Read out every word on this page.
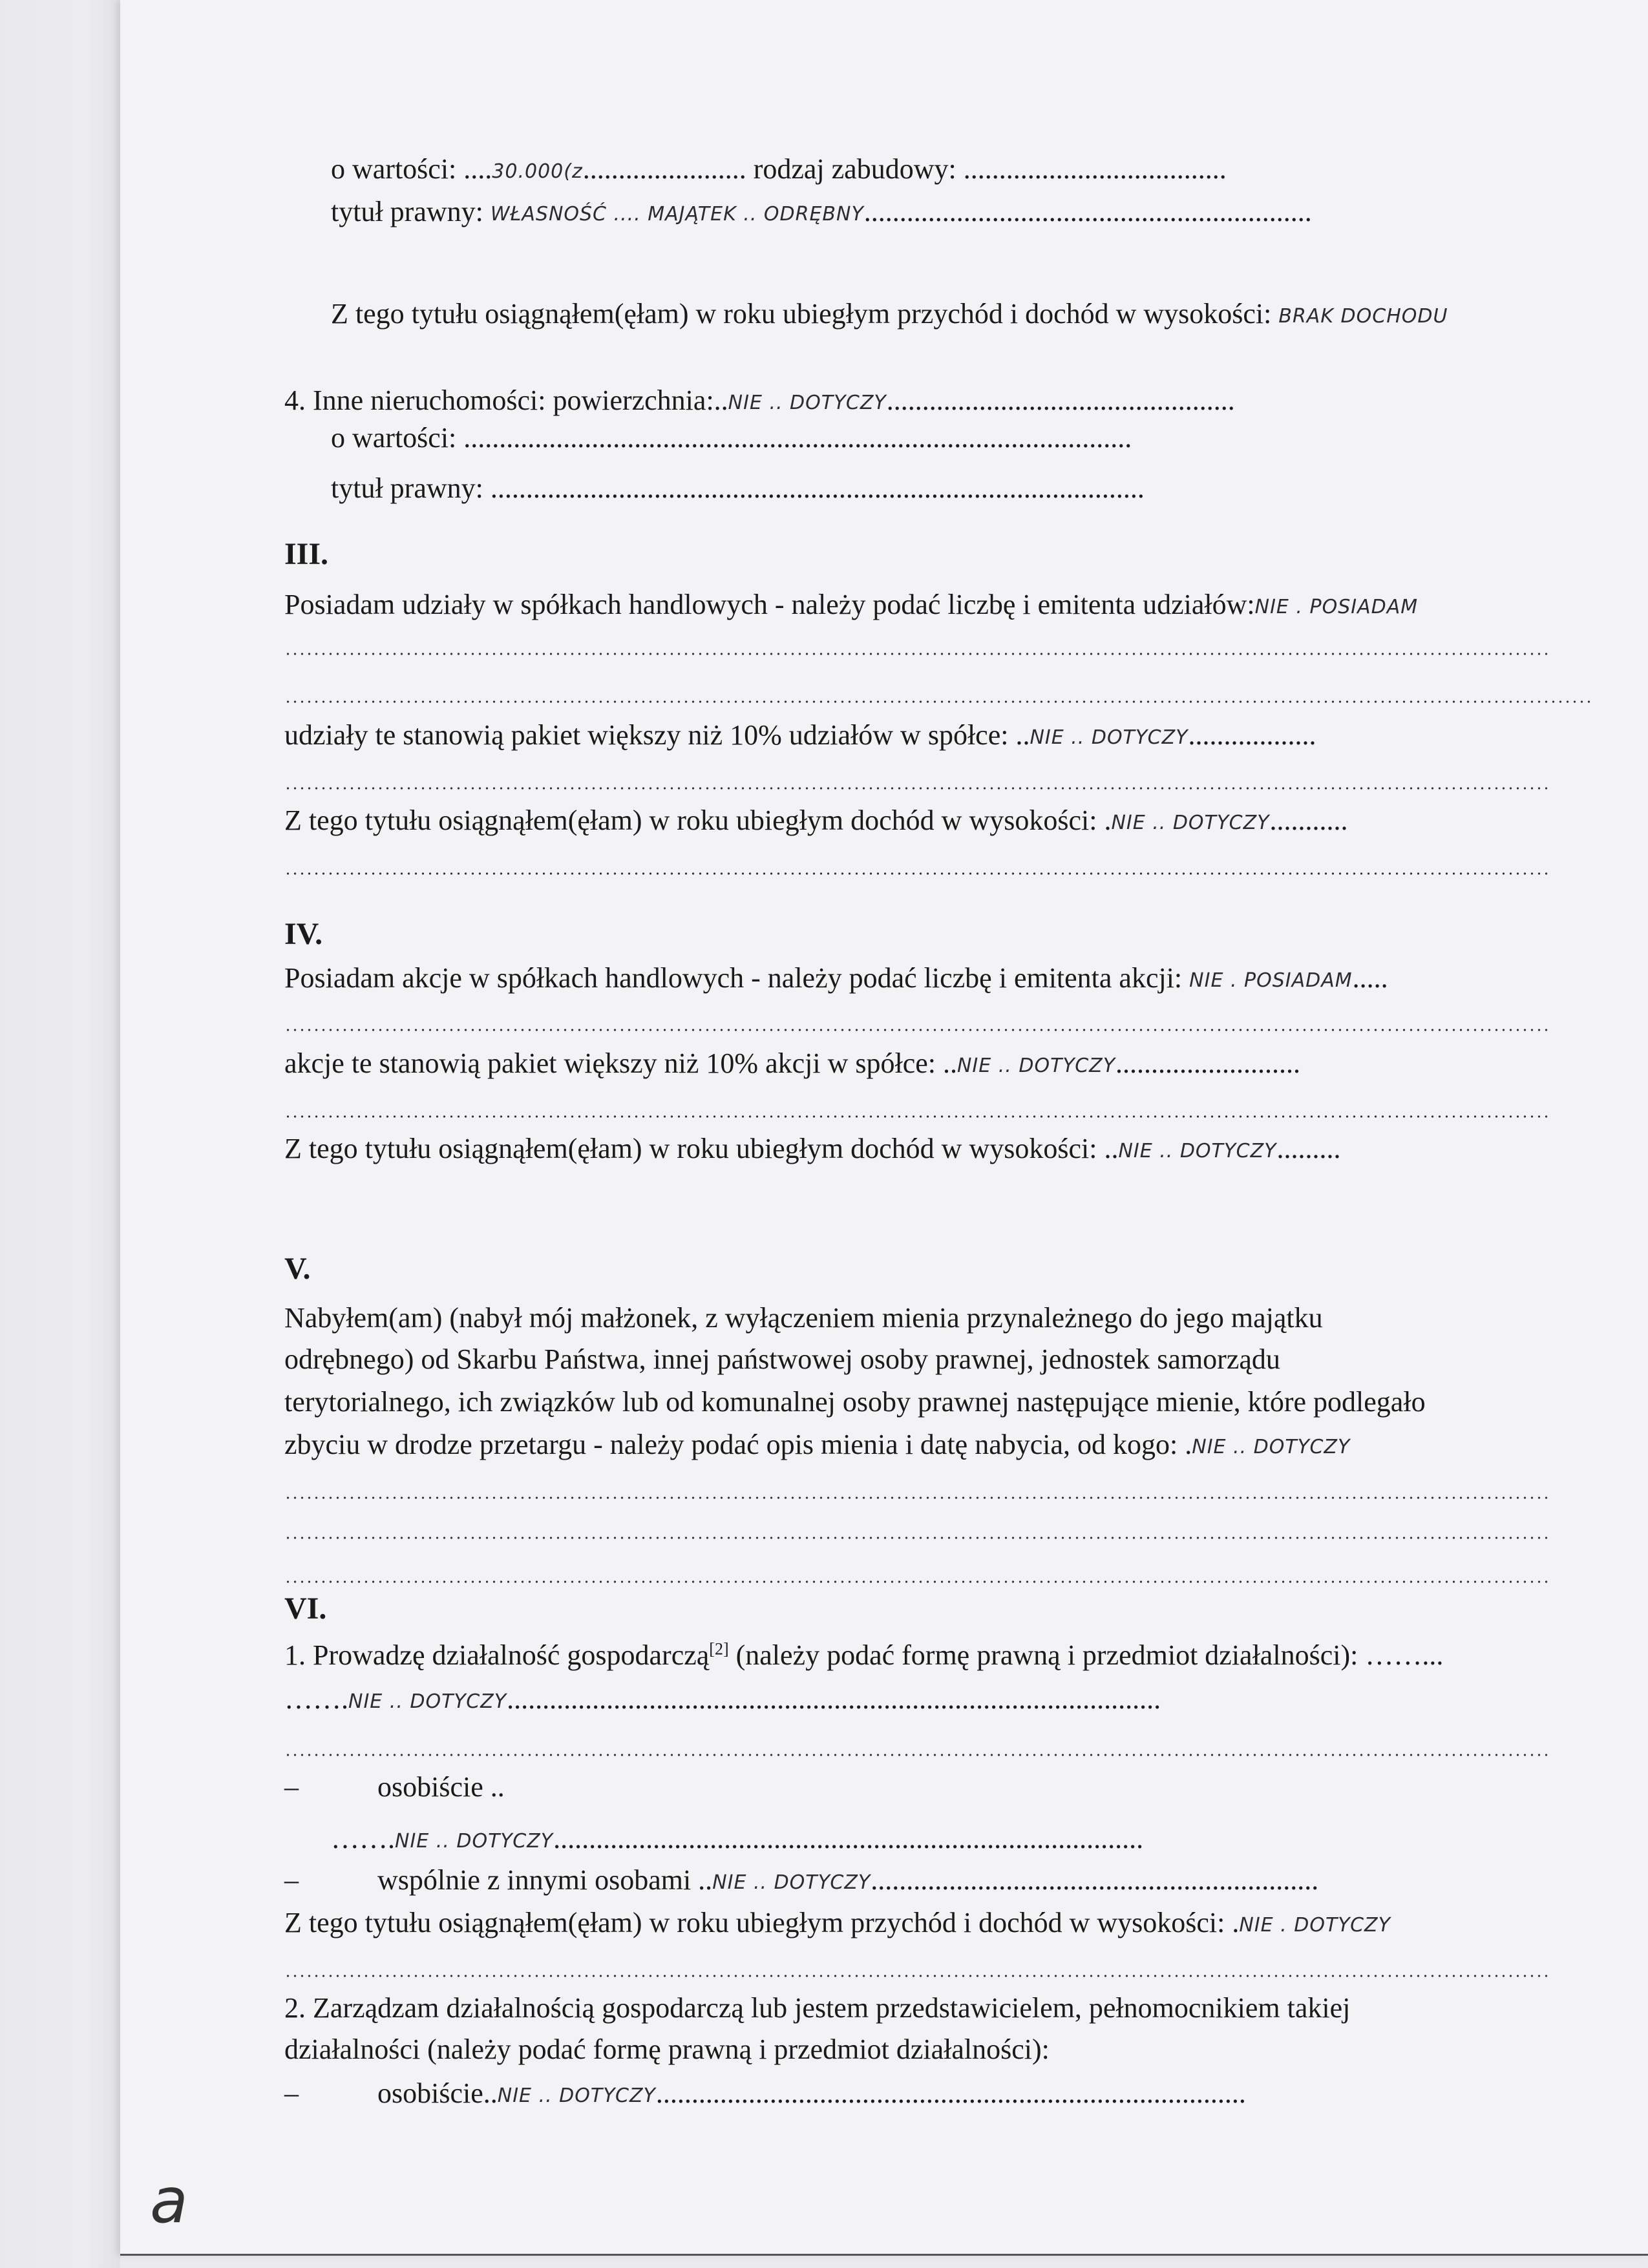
o wartości: ....30.000(z....................... rodzaj zabudowy: .....................................
tytuł prawny: WŁASNOŚĆ .... MAJĄTEK .. ODRĘBNY...............................................................
Z tego tytułu osiągnąłem(ęłam) w roku ubiegłym przychód i dochód w wysokości: BRAK DOCHODU
4. Inne nieruchomości: powierzchnia:..NIE .. DOTYCZY.................................................
o wartości: ..............................................................................................
tytuł prawny: ............................................................................................
III.
Posiadam udziały w spółkach handlowych - należy podać liczbę i emitenta udziałów:NIE . POSIADAM
udziały te stanowią pakiet większy niż 10% udziałów w spółce: ..NIE .. DOTYCZY..................
Z tego tytułu osiągnąłem(ęłam) w roku ubiegłym dochód w wysokości: .NIE .. DOTYCZY...........
IV.
Posiadam akcje w spółkach handlowych - należy podać liczbę i emitenta akcji: NIE . POSIADAM.....
akcje te stanowią pakiet większy niż 10% akcji w spółce: ..NIE .. DOTYCZY..........................
Z tego tytułu osiągnąłem(ęłam) w roku ubiegłym dochód w wysokości: ..NIE .. DOTYCZY.........
V.
Nabyłem(am) (nabył mój małżonek, z wyłączeniem mienia przynależnego do jego majątku
odrębnego) od Skarbu Państwa, innej państwowej osoby prawnej, jednostek samorządu
terytorialnego, ich związków lub od komunalnej osoby prawnej następujące mienie, które podlegało
zbyciu w drodze przetargu - należy podać opis mienia i datę nabycia, od kogo: .NIE .. DOTYCZY
VI.
1. Prowadzę działalność gospodarczą[2] (należy podać formę prawną i przedmiot działalności): ……...
…….NIE .. DOTYCZY............................................................................................
–	osobiście ..
…….NIE .. DOTYCZY...................................................................................
–	wspólnie z innymi osobami ..NIE .. DOTYCZY...............................................................
Z tego tytułu osiągnąłem(ęłam) w roku ubiegłym przychód i dochód w wysokości: .NIE . DOTYCZY
2. Zarządzam działalnością gospodarczą lub jestem przedstawicielem, pełnomocnikiem takiej
działalności (należy podać formę prawną i przedmiot działalności):
–	osobiście..NIE .. DOTYCZY...................................................................................
a
